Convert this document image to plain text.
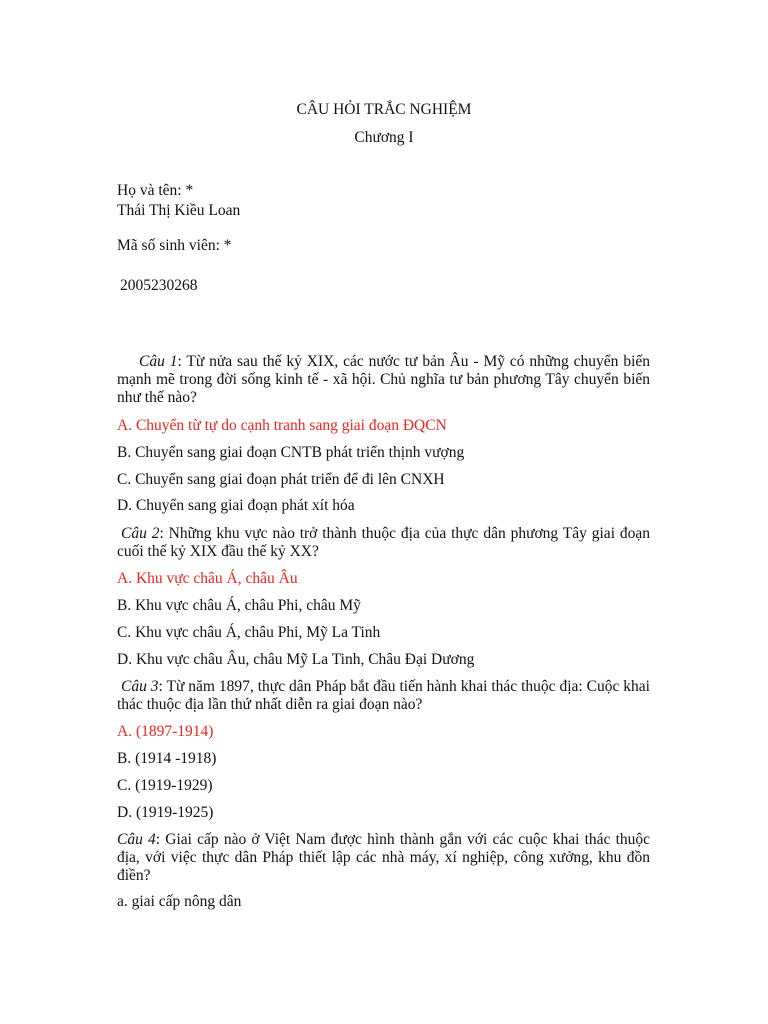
CÂU HỎI TRẮC NGHIỆM
Chương I
Họ và tên: *
Thái Thị Kiều Loan
Mã số sinh viên: *
2005230268
Câu 1: Từ nửa sau thế kỷ XIX, các nước tư bản Âu - Mỹ có những chuyển biến mạnh mẽ trong đời sống kinh tế - xã hội. Chủ nghĩa tư bản phương Tây chuyển biến như thế nào?
A. Chuyển từ tự do cạnh tranh sang giai đoạn ĐQCN
B. Chuyển sang giai đoạn CNTB phát triển thịnh vượng
C. Chuyển sang giai đoạn phát triển để đi lên CNXH
D. Chuyển sang giai đoạn phát xít hóa
Câu 2: Những khu vực nào trở thành thuộc địa của thực dân phương Tây giai đoạn cuối thế kỷ XIX đầu thế kỷ XX?
A. Khu vực châu Á, châu Âu
B. Khu vực châu Á, châu Phi, châu Mỹ
C. Khu vực châu Á, châu Phi, Mỹ La Tinh
D. Khu vực châu Âu, châu Mỹ La Tinh, Châu Đại Dương
Câu 3: Từ năm 1897, thực dân Pháp bắt đầu tiến hành khai thác thuộc địa: Cuộc khai thác thuộc địa lần thứ nhất diễn ra giai đoạn nào?
A. (1897-1914)
B. (1914 -1918)
C. (1919-1929)
D. (1919-1925)
Câu 4: Giai cấp nào ở Việt Nam được hình thành gắn với các cuộc khai thác thuộc địa, với việc thực dân Pháp thiết lập các nhà máy, xí nghiệp, công xưởng, khu đồn điền?
a. giai cấp nông dân
